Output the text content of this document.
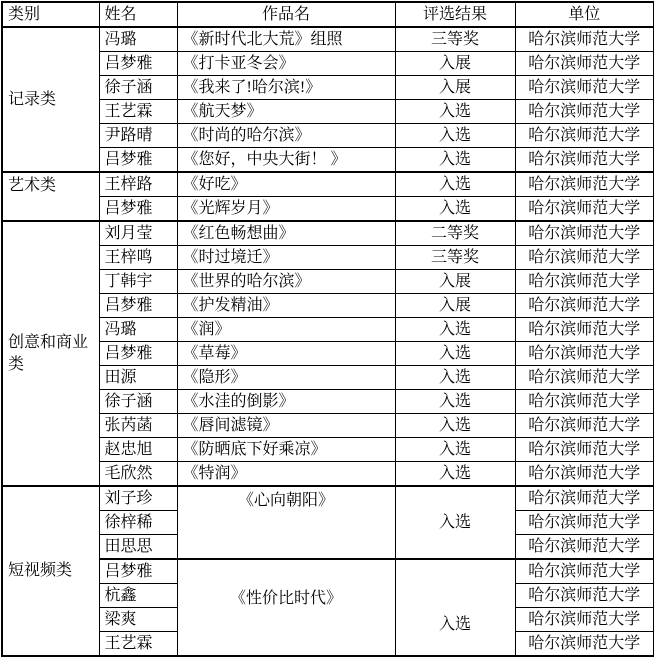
类别	姓名	作品名	评选结果	单位
记录类	冯璐	《新时代北大荒》组照	三等奖	哈尔滨师范大学
	吕梦雅	《打卡亚冬会》	入展	哈尔滨师范大学
	徐子涵	《我来了!哈尔滨!》	入展	哈尔滨师范大学
	王艺霖	《航天梦》	入选	哈尔滨师范大学
	尹路晴	《时尚的哈尔滨》	入选	哈尔滨师范大学
	吕梦雅	《您好，中央大街！ 》	入选	哈尔滨师范大学
艺术类	王梓路	《好吃》	入选	哈尔滨师范大学
	吕梦雅	《光辉岁月》	入选	哈尔滨师范大学
创意和商业类	刘月莹	《红色畅想曲》	二等奖	哈尔滨师范大学
	王梓鸣	《时过境迁》	三等奖	哈尔滨师范大学
	丁韩宇	《世界的哈尔滨》	入展	哈尔滨师范大学
	吕梦雅	《护发精油》	入展	哈尔滨师范大学
	冯璐	《润》	入选	哈尔滨师范大学
	吕梦雅	《草莓》	入选	哈尔滨师范大学
	田源	《隐形》	入选	哈尔滨师范大学
	徐子涵	《水洼的倒影》	入选	哈尔滨师范大学
	张芮菡	《唇间滤镜》	入选	哈尔滨师范大学
	赵忠旭	《防晒底下好乘凉》	入选	哈尔滨师范大学
	毛欣然	《特润》	入选	哈尔滨师范大学
短视频类	刘子珍	《心向朝阳》	入选	哈尔滨师范大学
	徐梓稀			哈尔滨师范大学
	田思思			哈尔滨师范大学
	吕梦雅	《性价比时代》	入选	哈尔滨师范大学
	杭鑫			哈尔滨师范大学
	梁爽			哈尔滨师范大学
	王艺霖			哈尔滨师范大学
